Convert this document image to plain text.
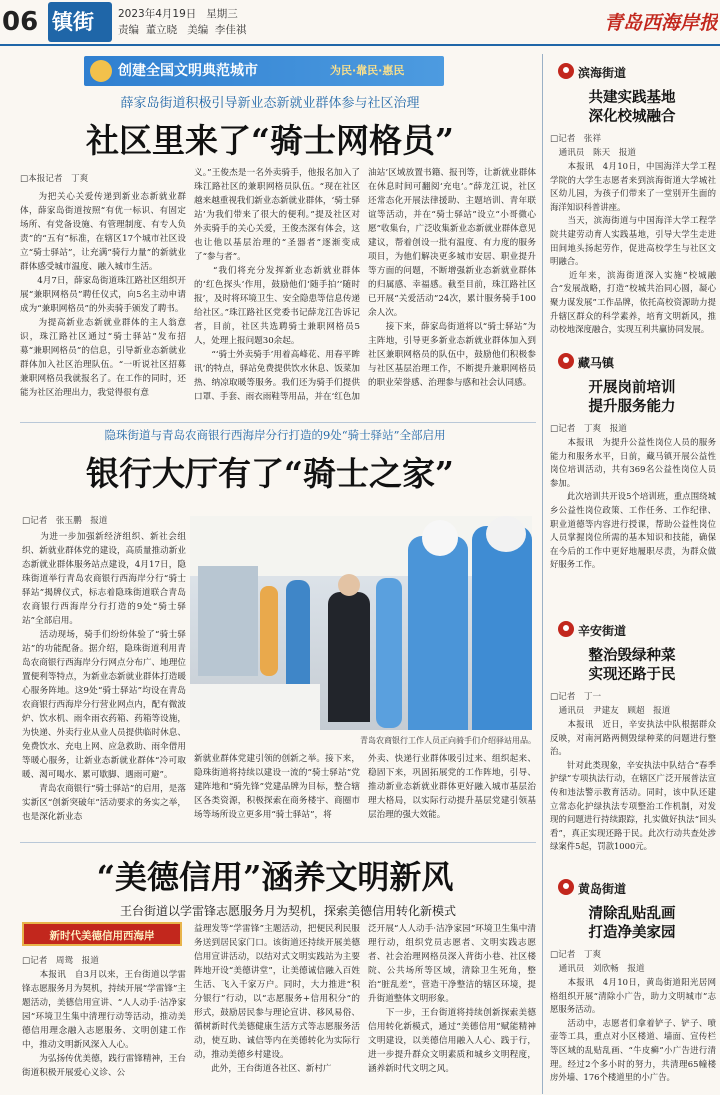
06 镇街	2023年4月19日 星期三
责编 董立晓 美编 李佳祺	青岛西海岸报
创建全国文明典范城市	为民·靠民·惠民
薛家岛街道积极引导新业态新就业群体参与社区治理
社区里来了“骑士网格员”
□本报记者　丁爽
　　为把关心关爱传递到新业态新就业群体，薛家岛街道按照“有优一标识、有固定场所、有党备设施、有管理制度、有专人负责”的“五有”标准，在辖区17个城市社区设立“骑士驿站”，让充满“骑行力量”的新就业群体感受城市温度、融入城市生活。
　　4月7日，薛家岛街道珠江路社区组织开展“兼职网格员”聘任仪式，向5名主动申请成为“兼职网格员”的外卖骑手颁发了聘书。
　　为提高新业态新就业群体的主人翁意识，珠江路社区通过“骑士驿站”发布招募“兼职网格员”的信息，引导新业态新就业群体加入社区治理队伍。“一听说社区招募兼职网格员我就报名了。在工作的同时，还能为社区治理出力，我觉得很有意
义。”王俊杰是一名外卖骑手，他报名加入了珠江路社区的兼职网格员队伍。“现在社区越来越重视我们新业态新就业群体，‘骑士驿站’为我们带来了很大的便利。”提及社区对外卖骑手的关心关爱，王俊杰深有体会，这也让他以基层治理的“圣器者”逐渐变成了“参与者”。
　　“我们将充分发挥新业态新就业群体的‘红色探头’作用，鼓励他们‘随手拍’‘随时报’，及时将环境卫生、安全隐患等信息传递给社区。”珠江路社区党委书记薛龙江告诉记者，目前，社区共选聘骑士兼职网格员5人，处理上报问题30余起。
　　“‘骑士外卖骑手’用着高峰花、用春平眸讯’的特点，驿站免费提供饮水休息、饭菜加热、纳凉取暖等服务。我们还为骑手们提供口罩、手套、雨衣雨鞋等用品，并在‘红色加
油站’区域放置书籍、报刊等，让新就业群体在休息时间可翻阅‘充电’。”薛龙江说，社区还常态化开展法律援助、主题培训、青年联谊等活动，并在“骑士驿站”设立“小哥微心愿”收集台，广泛收集新业态新就业群体意见建议，帮着创设一批有温度、有力度的服务项目，为他们解决更多城市安居、职业提升等方面的问题，不断增强新业态新就业群体的归属感、幸福感。截至目前，珠江路社区已开展“关爱活动”24次，累计服务骑手100余人次。
　　接下来，薛家岛街道将以“骑士驿站”为主阵地，引导更多新业态新就业群体加入到社区兼职网格员的队伍中，鼓励他们积极参与社区基层治理工作，不断提升兼职网格员的职业荣誉感、治理参与感和社会认同感。
隐珠街道与青岛农商银行西海岸分行打造的9处“骑士驿站”全部启用
银行大厅有了“骑士之家”
□记者　张玉鹏　报道
　　为进一步加强新经济组织、新社会组织、新就业群体党的建设，高质量推动新业态新就业群体服务站点建设，4月17日，隐珠街道举行青岛农商银行西海岸分行“骑士驿站”揭牌仪式，标志着隐珠街道联合青岛农商银行西海岸分行打造的9处“骑士驿站”全部启用。
　　活动现场，骑手们纷纷体验了“骑士驿站”的功能配备。据介绍，隐珠街道利用青岛农商银行西海岸分行网点分布广、地理位置便利等特点，为新业态新就业群体打造暖心服务阵地。这9处“骑士驿站”均设在青岛农商银行西海岸分行营业网点内，配有微波炉、饮水机、雨伞雨衣药箱、药箱等设施，为快递、外卖行业从业人员提供临时休息、免费饮水、充电上网、应急救助、雨伞借用等暖心服务，让新业态新就业群体“冷可取暖、渴可喝水、累可歇脚、遇雨可避”。
　　青岛农商银行“骑士驿站”的启用，是落实新区“创新突破年”活动要求的务实之举，也是深化新业态
青岛农商银行工作人员正向骑手们介绍驿站用品。
新就业群体党建引领的创新之举。接下来，隐珠街道将持续以建设一流的“骑士驿站”党建阵地和“骑先锋”党建品牌为目标，整合辖区各类资源，积极探索在商务楼宇、商圈市场等场所设立更多用“骑士驿站”，将
外卖、快递行业群体吸引过来、组织起来、稳固下来，巩固拓展党的工作阵地，引导、推动新业态新就业群体更好融入城市基层治理大格局，以实际行动提升基层党建引领基层治理的强大效能。
“美德信用”涵养文明新风
王台街道以学雷锋志愿服务月为契机，探索美德信用转化新模式
新时代美德信用西海岸
□记者　周鸳　报道
　　本报讯　自3月以来，王台街道以学雷锋志愿服务月为契机，持续开展“学雷锋”主题活动，美德信用宣讲、“人人动手·洁净家园”环境卫生集中清理行动等活动，推动美德信用理念融入志愿服务、文明创建工作中，推动文明新风深入人心。
　　为弘扬传优美德，践行雷锋精神，王台街道积极开展爱心义诊、公
益理发等“学雷锋”主题活动，把便民利民服务送到居民家门口。该街道还持续开展美德信用宣讲活动，以结对式文明实践站为主要阵地开设“美德讲堂”，让美德诚信融入百姓生活、飞入千家万户。同时，大力推进“积分银行”行动，以“志愿服务+信用积分”的形式，鼓励居民参与理论宣讲、移风易俗、循树新时代美德健康生活方式等志愿服务活动，使互助、诚信等内在美德转化为实际行动，推动美德乡村建设。
　　此外，王台街道各社区、新村广
泛开展“人人动手·洁净家园”环境卫生集中清理行动，组织党员志愿者、文明实践志愿者、社会治理网格员深入背街小巷、社区楼院、公共场所等区域，清除卫生死角，整治“脏乱差”，营造干净整洁的辖区环境，提升街道整体文明形象。
　　下一步，王台街道将持续创新探索美德信用转化新模式，通过“美德信用”赋能精神文明建设，以美德信用融入人心、践于行，进一步提升群众文明素质和城乡文明程度，涵养新时代文明之风。
滨海街道
共建实践基地
深化校城融合
□记者　张祥
　通讯员　陈天　报道
　　本报讯　4月10日，中国海洋大学工程学院的大学生志愿者来到滨海街道大学城社区幼儿园，为孩子们带来了一堂别开生面的海洋知识科普讲座。
　　当天，滨海街道与中国海洋大学工程学院共建劳动育人实践基地，引导大学生走进田间地头扬起劳作，促进高校学生与社区文明融合。
　　近年来，滨海街道深入实施“校城融合”发展战略，打造“校城共治同心圆，凝心聚力谋发展”工作品牌，依托高校资源助力提升辖区群众的科学素养，培育文明新风，推动校地深度融合，实现互利共赢协同发展。
藏马镇
开展岗前培训
提升服务能力
□记者　丁爽　报道
　　本报讯　为提升公益性岗位人员的服务能力和服务水平，日前，藏马镇开展公益性岗位培训活动，共有369名公益性岗位人员参加。
　　此次培训共开设5个培训班，重点围绕城乡公益性岗位政策、工作任务、工作纪律、职业道德等内容进行授课，帮助公益性岗位人员掌握岗位所需的基本知识和技能，确保在今后的工作中更好地履职尽责，为群众做好服务工作。
辛安街道
整治毁绿种菜
实现还路于民
□记者　丁一
　通讯员　尹建友　顾超　报道
　　本报讯　近日，辛安执法中队根据群众反映，对南河路两侧毁绿种菜的问题进行整治。
　　针对此类现象，辛安执法中队结合“春季护绿”专项执法行动，在辖区广泛开展普法宣传和违法警示教育活动。同时，该中队还建立常态化护绿执法专项整治工作机制，对发现的问题进行持续跟踪，扎实做好执法“回头看”，真正实现还路于民。此次行动共查处涉绿案件5起，罚款1000元。
黄岛街道
清除乱贴乱画
打造净美家园
□记者　丁爽
　通讯员　刘欣畅　报道
　　本报讯　4月10日，黄岛街道阳光居网格组织开展“清除小广告，助力文明城市”志愿服务活动。
　　活动中，志愿者们拿着铲子、铲子、喷壶等工具，重点对小区楼道、墙面、宣传栏等区域的乱贴乱画、“牛皮癣”小广告进行清理。经过2个多小时的努力，共清理65幢楼房外墙、176个楼道里的小广告。
